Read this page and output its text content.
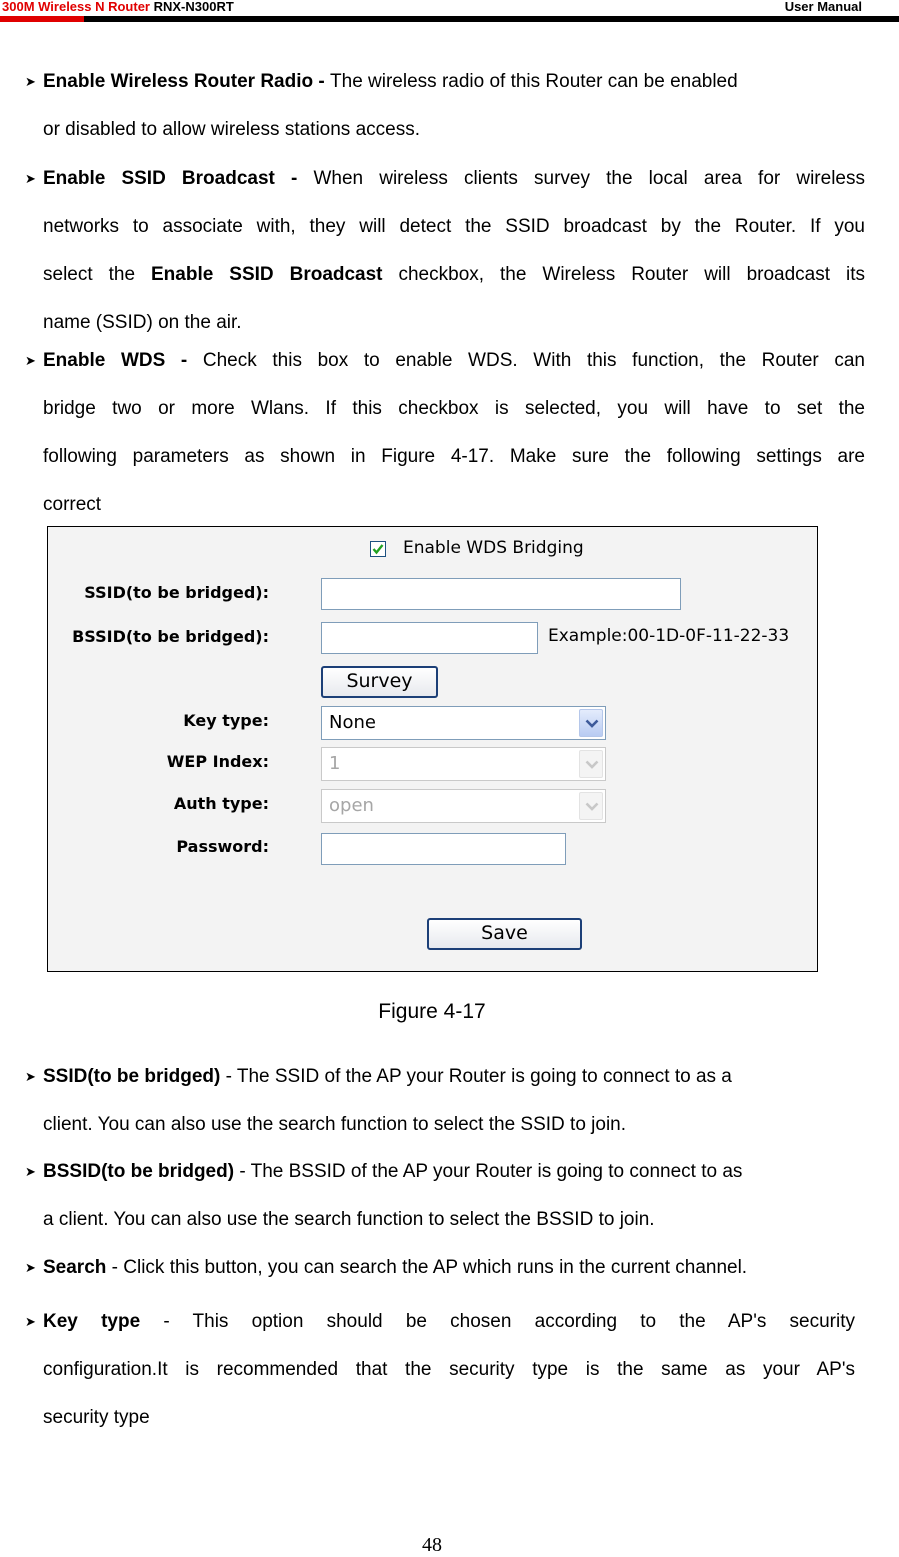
300M Wireless N Router RNX-N300RT	User Manual
➤ Enable Wireless Router Radio - The wireless radio of this Router can be enabled
or disabled to allow wireless stations access.
➤ Enable SSID Broadcast - When wireless clients survey the local area for wireless
networks to associate with, they will detect the SSID broadcast by the Router. If you
select the Enable SSID Broadcast checkbox, the Wireless Router will broadcast its
name (SSID) on the air.
➤ Enable WDS - Check this box to enable WDS. With this function, the Router can
bridge two or more Wlans. If this checkbox is selected, you will have to set the
following parameters as shown in Figure 4-17. Make sure the following settings are
correct
Enable WDS Bridging
SSID(to be bridged):
BSSID(to be bridged):	Example:00-1D-0F-11-22-33
Survey
Key type:	None
WEP Index:	1
Auth type:	open
Password:
Save
Figure 4-17
➤ SSID(to be bridged) - The SSID of the AP your Router is going to connect to as a
client. You can also use the search function to select the SSID to join.
➤ BSSID(to be bridged) - The BSSID of the AP your Router is going to connect to as
a client. You can also use the search function to select the BSSID to join.
➤ Search - Click this button, you can search the AP which runs in the current channel.
➤ Key type - This option should be chosen according to the AP's security
configuration.It is recommended that the security type is the same as your AP's
security type
48
